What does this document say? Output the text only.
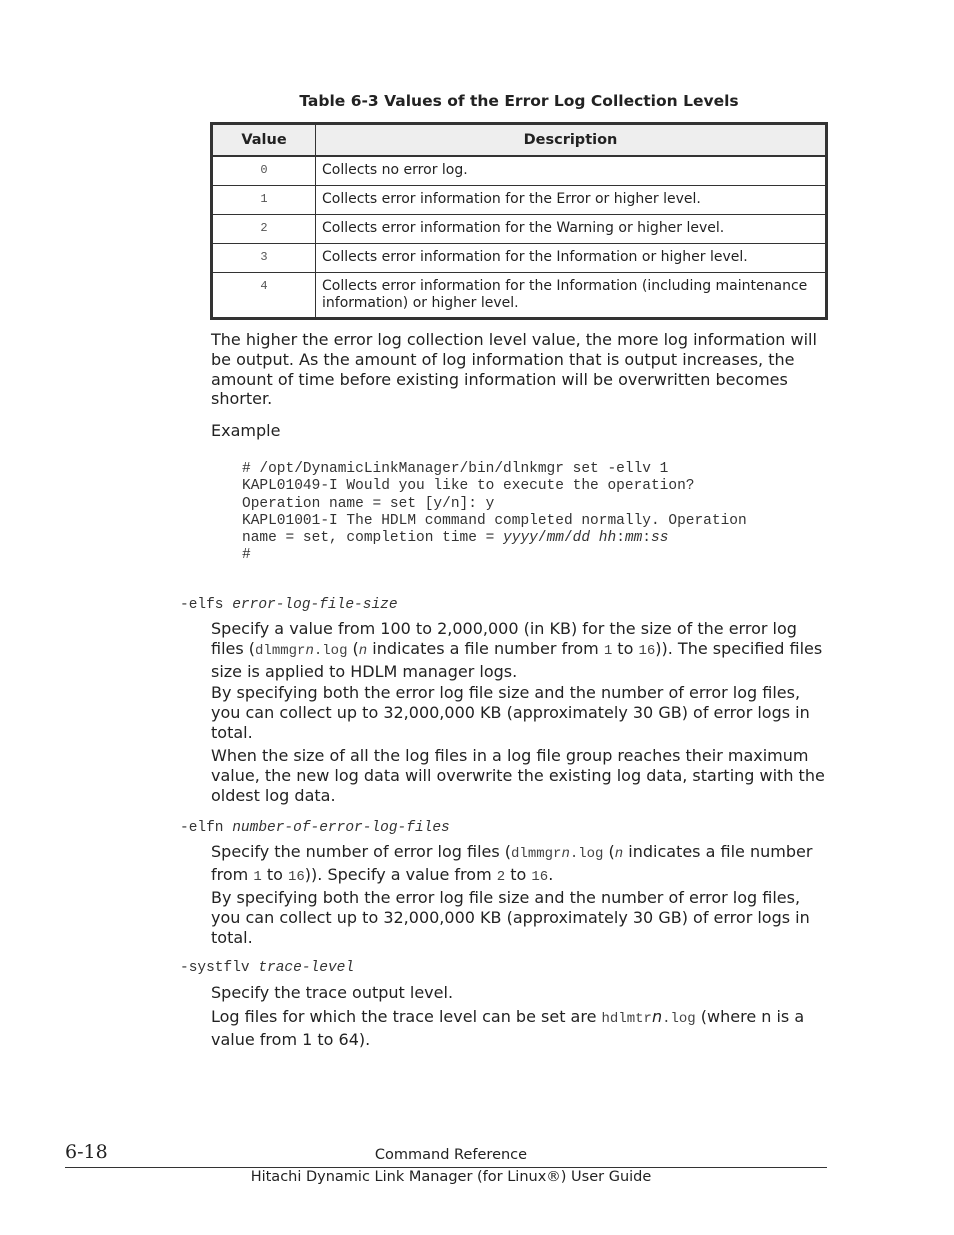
Table 6-3 Values of the Error Log Collection Levels
Value	Description
0	Collects no error log.
1	Collects error information for the Error or higher level.
2	Collects error information for the Warning or higher level.
3	Collects error information for the Information or higher level.
4	Collects error information for the Information (including maintenance information) or higher level.
The higher the error log collection level value, the more log information will be output. As the amount of log information that is output increases, the amount of time before existing information will be overwritten becomes shorter.
Example
# /opt/DynamicLinkManager/bin/dlnkmgr set -ellv 1
KAPL01049-I Would you like to execute the operation?
Operation name = set [y/n]: y
KAPL01001-I The HDLM command completed normally. Operation
name = set, completion time = yyyy/mm/dd hh:mm:ss
#
-elfs error-log-file-size
Specify a value from 100 to 2,000,000 (in KB) for the size of the error log files (dlmmgrn.log (n indicates a file number from 1 to 16)). The specified files size is applied to HDLM manager logs.
By specifying both the error log file size and the number of error log files, you can collect up to 32,000,000 KB (approximately 30 GB) of error logs in total.
When the size of all the log files in a log file group reaches their maximum value, the new log data will overwrite the existing log data, starting with the oldest log data.
-elfn number-of-error-log-files
Specify the number of error log files (dlmmgrn.log (n indicates a file number from 1 to 16)). Specify a value from 2 to 16.
By specifying both the error log file size and the number of error log files, you can collect up to 32,000,000 KB (approximately 30 GB) of error logs in total.
-systflv trace-level
Specify the trace output level.
Log files for which the trace level can be set are hdlmtrn.log (where n is a value from 1 to 64).
6-18	Command Reference
Hitachi Dynamic Link Manager (for Linux®) User Guide
